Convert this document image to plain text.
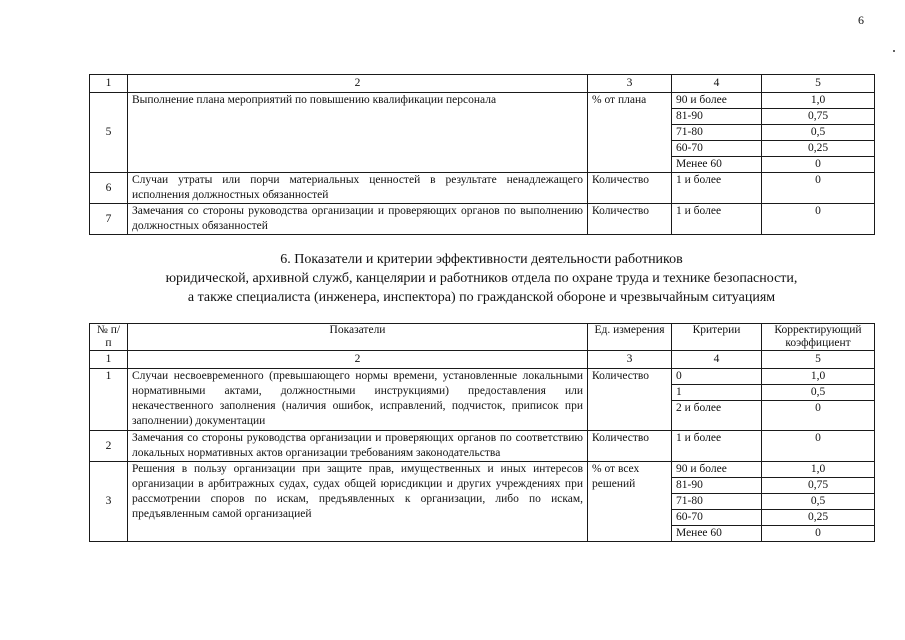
6
1	2	3	4	5
5	Выполнение плана мероприятий по повышению квалификации персонала	% от плана	90 и более	1,0
			81-90	0,75
			71-80	0,5
			60-70	0,25
			Менее 60	0
6	Случаи утраты или порчи материальных ценностей в результате ненадлежащего исполнения должностных обязанностей	Количество	1 и более	0
7	Замечания со стороны руководства организации и проверяющих органов по выполнению должностных обязанностей	Количество	1 и более	0
6. Показатели и критерии эффективности деятельности работников
юридической, архивной служб, канцелярии и работников отдела по охране труда и технике безопасности,
а также специалиста (инженера, инспектора) по гражданской обороне и чрезвычайным ситуациям
№ п/п	Показатели	Ед. измерения	Критерии	Корректирующий коэффициент
1	2	3	4	5
1	Случаи несвоевременного (превышающего нормы времени, установленные локальными нормативными актами, должностными инструкциями) предоставления или некачественного заполнения (наличия ошибок, исправлений, подчисток, приписок при заполнении) документации	Количество	0	1,0
			1	0,5
			2 и более	0
2	Замечания со стороны руководства организации и проверяющих органов по соответствию локальных нормативных актов организации требованиям законодательства	Количество	1 и более	0
3	Решения в пользу организации при защите прав, имущественных и иных интересов организации в арбитражных судах, судах общей юрисдикции и других учреждениях при рассмотрении споров по искам, предъявленных к организации, либо по искам, предъявленным самой организацией	% от всех решений	90 и более	1,0
			81-90	0,75
			71-80	0,5
			60-70	0,25
			Менее 60	0
